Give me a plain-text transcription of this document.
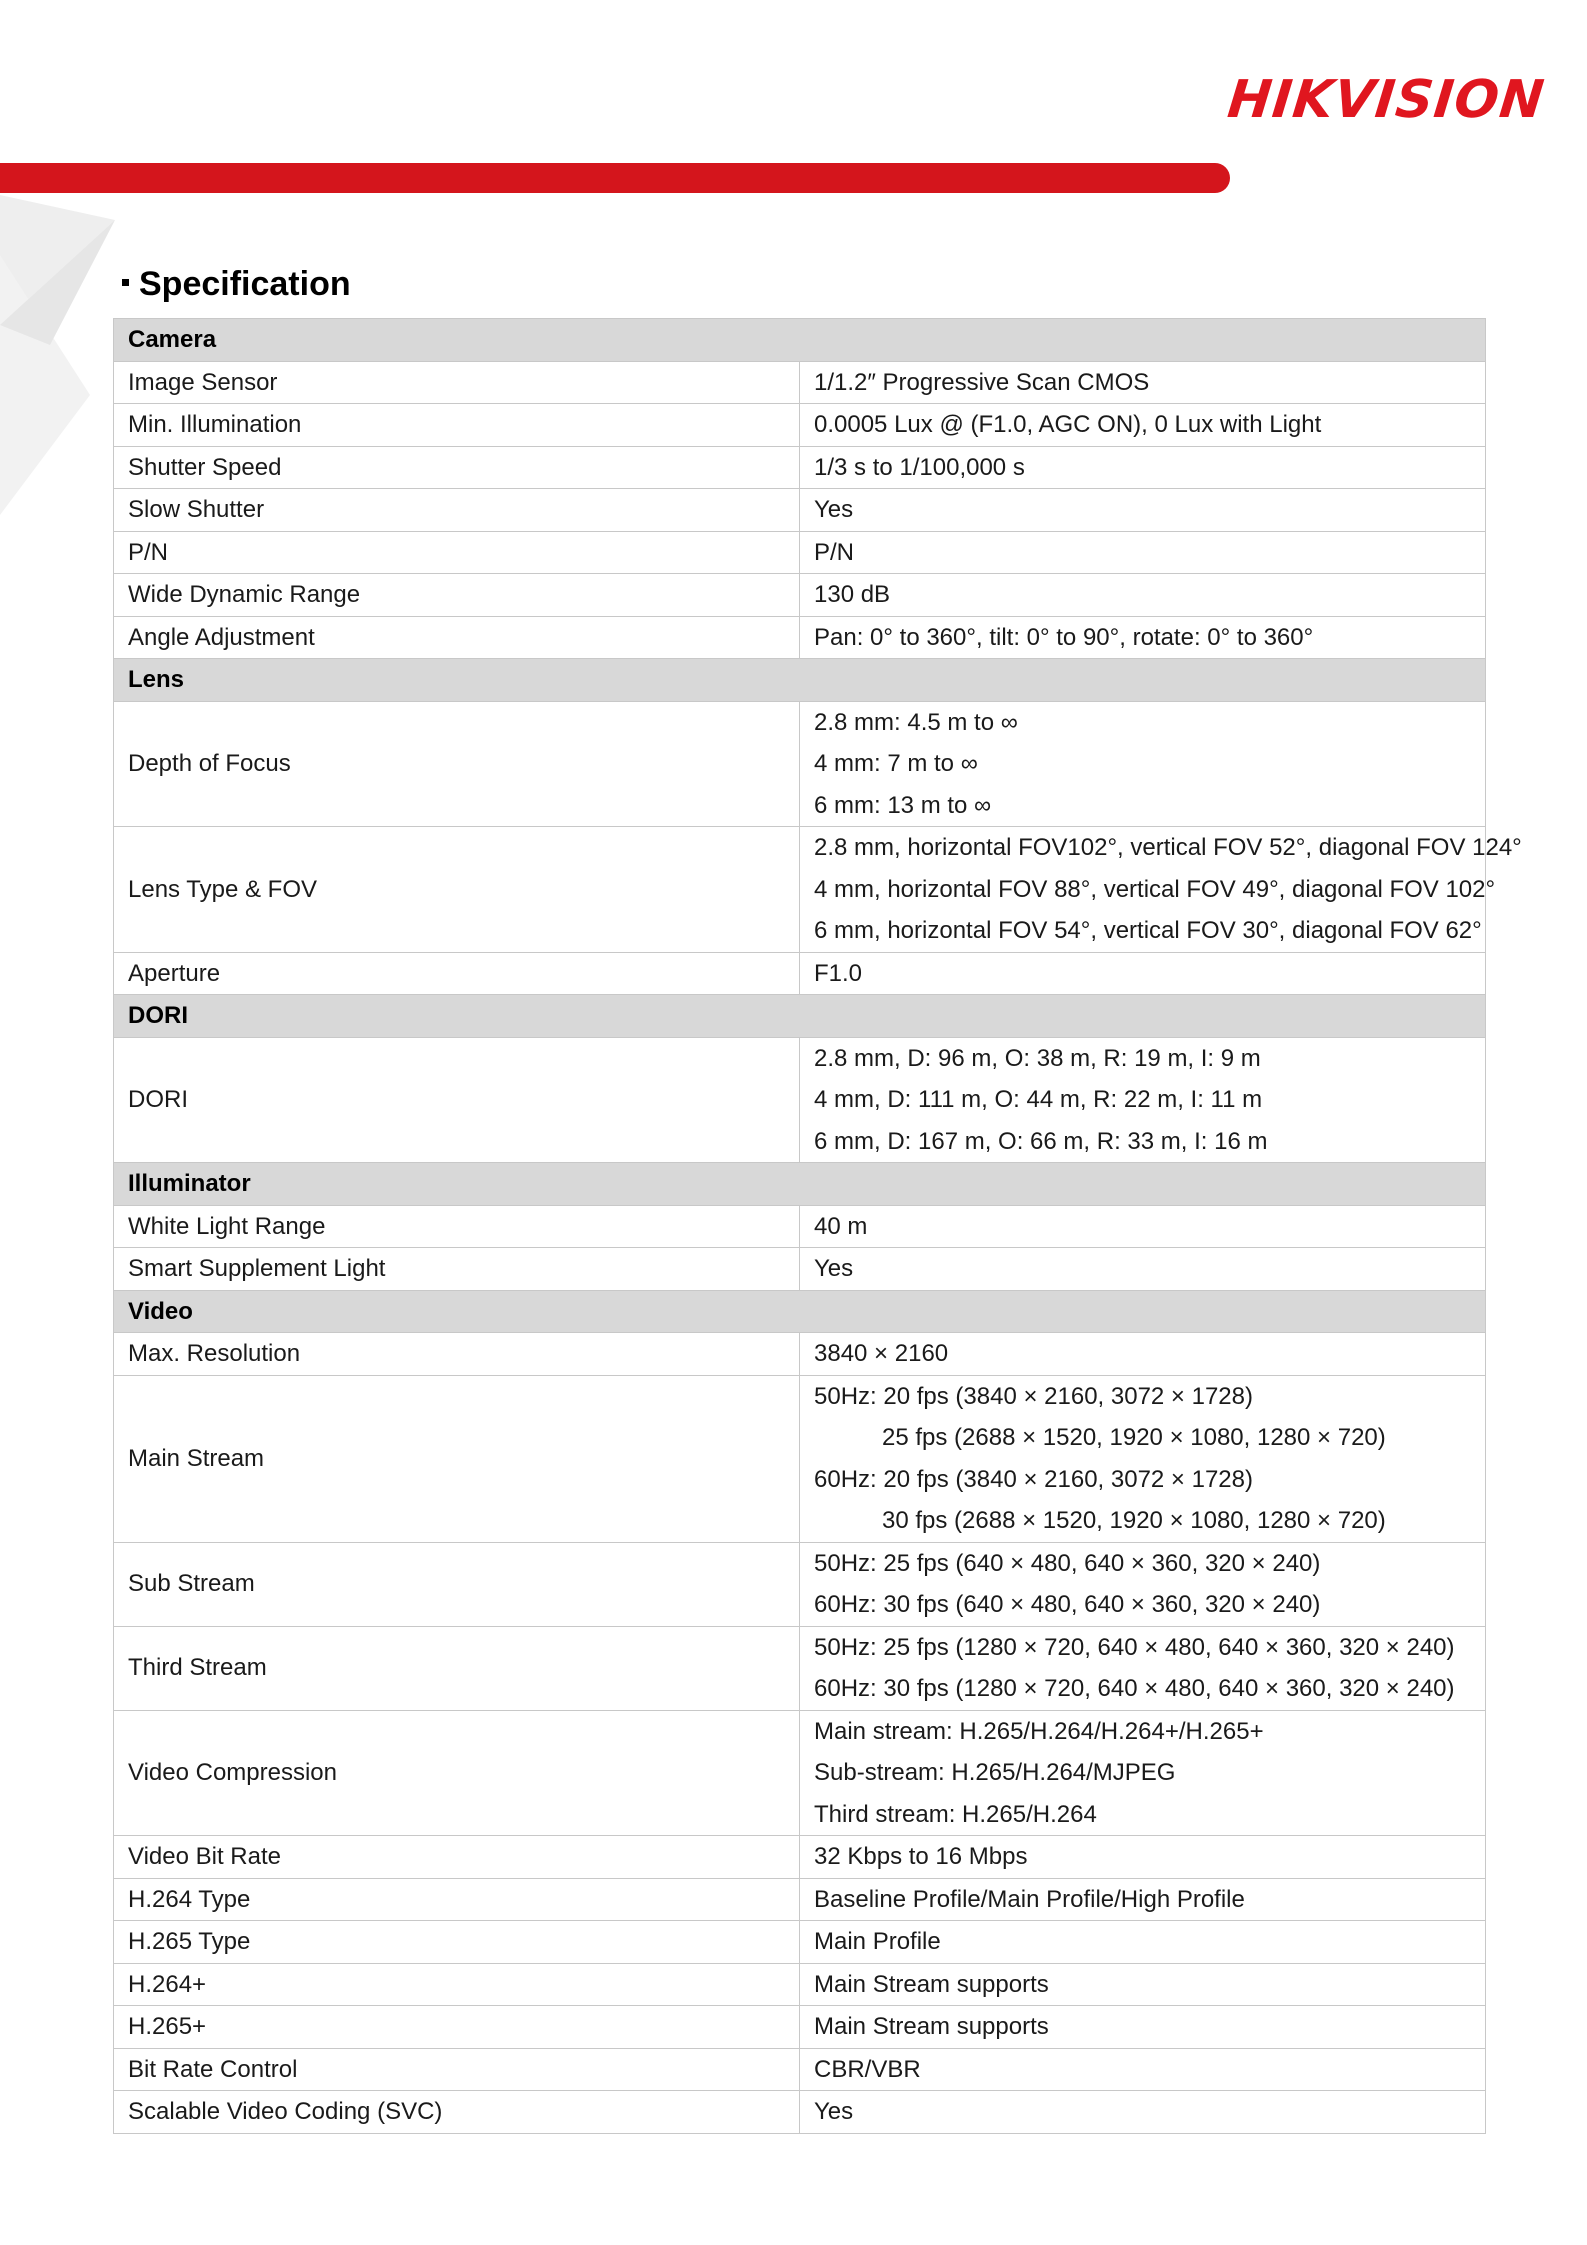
HIKVISION
Specification
Camera	
Image Sensor	1/1.2″ Progressive Scan CMOS
Min. Illumination	0.0005 Lux @ (F1.0, AGC ON), 0 Lux with Light
Shutter Speed	1/3 s to 1/100,000 s
Slow Shutter	Yes
P/N	P/N
Wide Dynamic Range	130 dB
Angle Adjustment	Pan: 0° to 360°, tilt: 0° to 90°, rotate: 0° to 360°
Lens	
Depth of Focus	2.8 mm: 4.5 m to ∞
4 mm: 7 m to ∞
6 mm: 13 m to ∞

Lens Type & FOV	2.8 mm, horizontal FOV102°, vertical FOV 52°, diagonal FOV 124°
4 mm, horizontal FOV 88°, vertical FOV 49°, diagonal FOV 102°
6 mm, horizontal FOV 54°, vertical FOV 30°, diagonal FOV 62°

Aperture	F1.0
DORI	
DORI	2.8 mm, D: 96 m, O: 38 m, R: 19 m, I: 9 m
4 mm, D: 111 m, O: 44 m, R: 22 m, I: 11 m
6 mm, D: 167 m, O: 66 m, R: 33 m, I: 16 m

Illuminator	
White Light Range	40 m
Smart Supplement Light	Yes
Video	
Max. Resolution	3840 × 2160
Main Stream	50Hz: 20 fps (3840 × 2160, 3072 × 1728)
25 fps (2688 × 1520, 1920 × 1080, 1280 × 720)
60Hz: 20 fps (3840 × 2160, 3072 × 1728)
30 fps (2688 × 1520, 1920 × 1080, 1280 × 720)

Sub Stream	50Hz: 25 fps (640 × 480, 640 × 360, 320 × 240)
60Hz: 30 fps (640 × 480, 640 × 360, 320 × 240)

Third Stream	50Hz: 25 fps (1280 × 720, 640 × 480, 640 × 360, 320 × 240)
60Hz: 30 fps (1280 × 720, 640 × 480, 640 × 360, 320 × 240)

Video Compression	Main stream: H.265/H.264/H.264+/H.265+
Sub-stream: H.265/H.264/MJPEG
Third stream: H.265/H.264

Video Bit Rate	32 Kbps to 16 Mbps
H.264 Type	Baseline Profile/Main Profile/High Profile
H.265 Type	Main Profile
H.264+	Main Stream supports
H.265+	Main Stream supports
Bit Rate Control	CBR/VBR
Scalable Video Coding (SVC)	Yes
